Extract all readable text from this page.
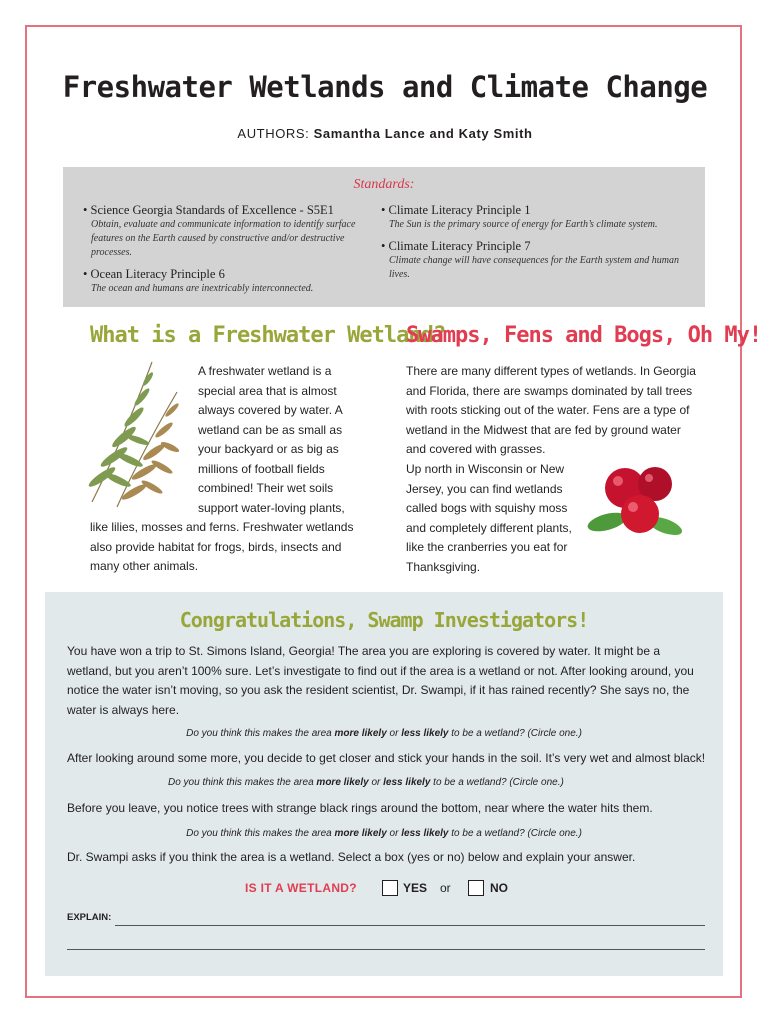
Freshwater Wetlands and Climate Change
AUTHORS: Samantha Lance and Katy Smith
Standards:
• Science Georgia Standards of Excellence - S5E1
Obtain, evaluate and communicate information to identify surface features on the Earth caused by constructive and/or destructive processes.
• Ocean Literacy Principle 6
The ocean and humans are inextricably interconnected.
• Climate Literacy Principle 1
The Sun is the primary source of energy for Earth’s climate system.
• Climate Literacy Principle 7
Climate change will have consequences for the Earth system and human lives.
What is a Freshwater Wetland?
Swamps, Fens and Bogs, Oh My!
A freshwater wetland is a special area that is almost always covered by water. A wetland can be as small as your backyard or as big as millions of football fields combined! Their wet soils support water-loving plants,
like lilies, mosses and ferns. Freshwater wetlands also provide habitat for frogs, birds, insects and many other animals.
There are many different types of wetlands. In Georgia and Florida, there are swamps dominated by tall trees with roots sticking out of the water. Fens are a type of wetland in the Midwest that are fed by ground water and covered with grasses.
Up north in Wisconsin or New Jersey, you can find wetlands called bogs with squishy moss and completely different plants, like the cranberries you eat for Thanksgiving.
Congratulations, Swamp Investigators!
You have won a trip to St. Simons Island, Georgia! The area you are exploring is covered by water. It might be a wetland, but you aren’t 100% sure. Let’s investigate to find out if the area is a wetland or not. After looking around, you notice the water isn’t moving, so you ask the resident scientist, Dr. Swampi, if it has rained recently? She says no, the water is always here.
Do you think this makes the area more likely or less likely to be a wetland? (Circle one.)
After looking around some more, you decide to get closer and stick your hands in the soil. It’s very wet and almost black!
Do you think this makes the area more likely or less likely to be a wetland? (Circle one.)
Before you leave, you notice trees with strange black rings around the bottom, near where the water hits them.
Do you think this makes the area more likely or less likely to be a wetland? (Circle one.)
Dr. Swampi asks if you think the area is a wetland. Select a box (yes or no) below and explain your answer.
IS IT A WETLAND?	YES or	NO
EXPLAIN:
